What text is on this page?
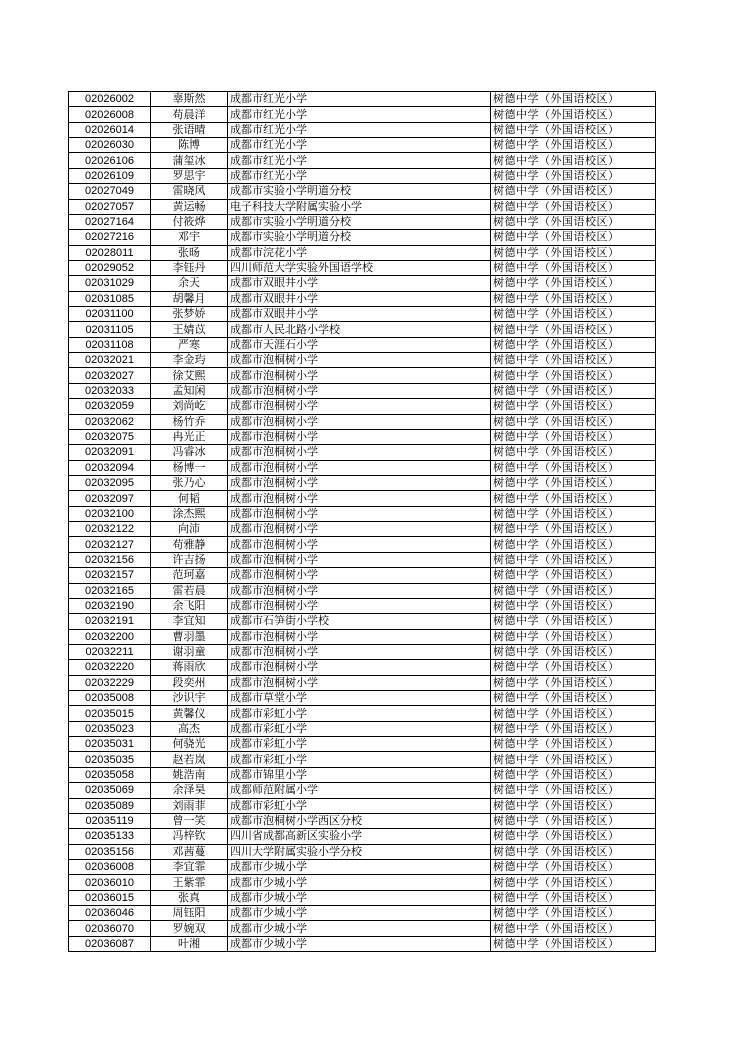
02026002	辜斯然	成都市红光小学	树德中学（外国语校区）
02026008	苟晨洋	成都市红光小学	树德中学（外国语校区）
02026014	张语晴	成都市红光小学	树德中学（外国语校区）
02026030	陈博	成都市红光小学	树德中学（外国语校区）
02026106	蒲玺冰	成都市红光小学	树德中学（外国语校区）
02026109	罗思宇	成都市红光小学	树德中学（外国语校区）
02027049	雷晓风	成都市实验小学明道分校	树德中学（外国语校区）
02027057	黄运畅	电子科技大学附属实验小学	树德中学（外国语校区）
02027164	付筱烨	成都市实验小学明道分校	树德中学（外国语校区）
02027216	邓宇	成都市实验小学明道分校	树德中学（外国语校区）
02028011	张旸	成都市浣花小学	树德中学（外国语校区）
02029052	李钰丹	四川师范大学实验外国语学校	树德中学（外国语校区）
02031029	余天	成都市双眼井小学	树德中学（外国语校区）
02031085	胡馨月	成都市双眼井小学	树德中学（外国语校区）
02031100	张梦娇	成都市双眼井小学	树德中学（外国语校区）
02031105	王婧苡	成都市人民北路小学校	树德中学（外国语校区）
02031108	严寒	成都市天涯石小学	树德中学（外国语校区）
02032021	李金玙	成都市泡桐树小学	树德中学（外国语校区）
02032027	徐艾熙	成都市泡桐树小学	树德中学（外国语校区）
02032033	孟知闲	成都市泡桐树小学	树德中学（外国语校区）
02032059	刘尚屹	成都市泡桐树小学	树德中学（外国语校区）
02032062	杨竹乔	成都市泡桐树小学	树德中学（外国语校区）
02032075	冉光正	成都市泡桐树小学	树德中学（外国语校区）
02032091	冯睿冰	成都市泡桐树小学	树德中学（外国语校区）
02032094	杨博一	成都市泡桐树小学	树德中学（外国语校区）
02032095	张乃心	成都市泡桐树小学	树德中学（外国语校区）
02032097	何韬	成都市泡桐树小学	树德中学（外国语校区）
02032100	涂杰熙	成都市泡桐树小学	树德中学（外国语校区）
02032122	向沛	成都市泡桐树小学	树德中学（外国语校区）
02032127	苟雅静	成都市泡桐树小学	树德中学（外国语校区）
02032156	许吉扬	成都市泡桐树小学	树德中学（外国语校区）
02032157	范珂嘉	成都市泡桐树小学	树德中学（外国语校区）
02032165	雷若晨	成都市泡桐树小学	树德中学（外国语校区）
02032190	余飞阳	成都市泡桐树小学	树德中学（外国语校区）
02032191	李宜知	成都市石笋街小学校	树德中学（外国语校区）
02032200	曹羽墨	成都市泡桐树小学	树德中学（外国语校区）
02032211	谢羽童	成都市泡桐树小学	树德中学（外国语校区）
02032220	蒋雨欣	成都市泡桐树小学	树德中学（外国语校区）
02032229	段奕州	成都市泡桐树小学	树德中学（外国语校区）
02035008	沙识宇	成都市草堂小学	树德中学（外国语校区）
02035015	黄馨仪	成都市彩虹小学	树德中学（外国语校区）
02035023	高杰	成都市彩虹小学	树德中学（外国语校区）
02035031	何骁光	成都市彩虹小学	树德中学（外国语校区）
02035035	赵若岚	成都市彩虹小学	树德中学（外国语校区）
02035058	姚浩南	成都市锦里小学	树德中学（外国语校区）
02035069	余泽昊	成都师范附属小学	树德中学（外国语校区）
02035089	刘雨菲	成都市彩虹小学	树德中学（外国语校区）
02035119	曾一笑	成都市泡桐树小学西区分校	树德中学（外国语校区）
02035133	冯梓钦	四川省成都高新区实验小学	树德中学（外国语校区）
02035156	邓茜蔓	四川大学附属实验小学分校	树德中学（外国语校区）
02036008	李宜霏	成都市少城小学	树德中学（外国语校区）
02036010	王紫霏	成都市少城小学	树德中学（外国语校区）
02036015	张真	成都市少城小学	树德中学（外国语校区）
02036046	周钰阳	成都市少城小学	树德中学（外国语校区）
02036070	罗婉双	成都市少城小学	树德中学（外国语校区）
02036087	叶湘	成都市少城小学	树德中学（外国语校区）
